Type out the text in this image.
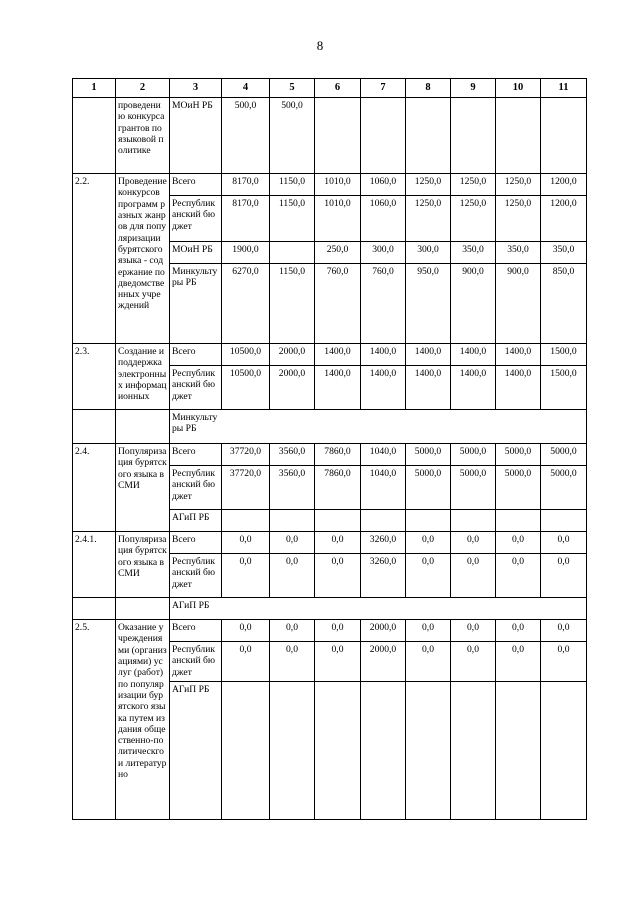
8
1	2	3	4	5	6	7	8	9	10	11
	проведению конкурса грантов по языковой политике	МОиН РБ	500,0	500,0						
2.2.	Проведение конкурсов программ разных жанров для популяризации бурятского языка - содержание подведомственных учреждений	Всего	8170,0	1150,0	1010,0	1060,0	1250,0	1250,0	1250,0	1200,0
		Республиканский бюджет	8170,0	1150,0	1010,0	1060,0	1250,0	1250,0	1250,0	1200,0
		МОиН РБ	1900,0		250,0	300,0	300,0	350,0	350,0	350,0
		Минкультуры РБ	6270,0	1150,0	760,0	760,0	950,0	900,0	900,0	850,0
2.3.	Создание и поддержка электронных информационных	Всего	10500,0	2000,0	1400,0	1400,0	1400,0	1400,0	1400,0	1500,0
		Республиканский бюджет	10500,0	2000,0	1400,0	1400,0	1400,0	1400,0	1400,0	1500,0
		Минкультуры РБ								
2.4.	Популяризация бурятского языка в СМИ	Всего	37720,0	3560,0	7860,0	1040,0	5000,0	5000,0	5000,0	5000,0
		Республиканский бюджет	37720,0	3560,0	7860,0	1040,0	5000,0	5000,0	5000,0	5000,0
		АГиП РБ								
2.4.1.	Популяризация бурятского языка в СМИ	Всего	0,0	0,0	0,0	3260,0	0,0	0,0	0,0	0,0
		Республиканский бюджет	0,0	0,0	0,0	3260,0	0,0	0,0	0,0	0,0
		АГиП РБ								
2.5.	Оказание учреждениями (организациями) услуг (работ) по популяризации бурятского языка путем издания общественно-политическго и литературно	Всего	0,0	0,0	0,0	2000,0	0,0	0,0	0,0	0,0
		Республиканский бюджет	0,0	0,0	0,0	2000,0	0,0	0,0	0,0	0,0
		АГиП РБ								
